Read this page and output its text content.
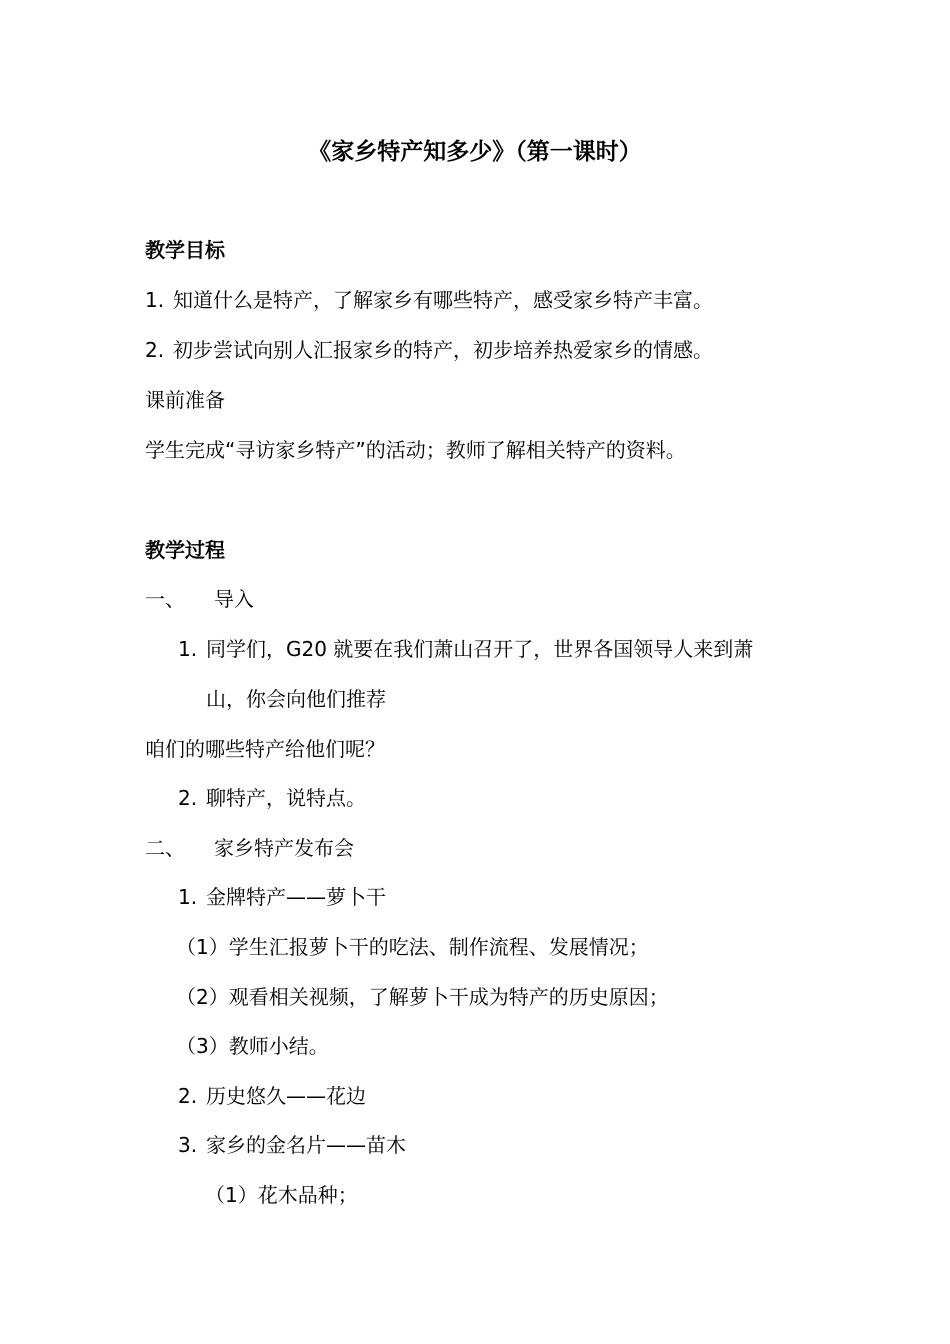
《家乡特产知多少》（第一课时）
教学目标
1. 知道什么是特产，了解家乡有哪些特产，感受家乡特产丰富。
2. 初步尝试向别人汇报家乡的特产，初步培养热爱家乡的情感。
课前准备
学生完成“寻访家乡特产”的活动；教师了解相关特产的资料。
教学过程
一、 导入
1. 同学们，G20 就要在我们萧山召开了，世界各国领导人来到萧
山，你会向他们推荐
咱们的哪些特产给他们呢？
2. 聊特产，说特点。
二、 家乡特产发布会
1. 金牌特产——萝卜干
（1）学生汇报萝卜干的吃法、制作流程、发展情况；
（2）观看相关视频，了解萝卜干成为特产的历史原因；
（3）教师小结。
2. 历史悠久——花边
3. 家乡的金名片——苗木
（1）花木品种；
